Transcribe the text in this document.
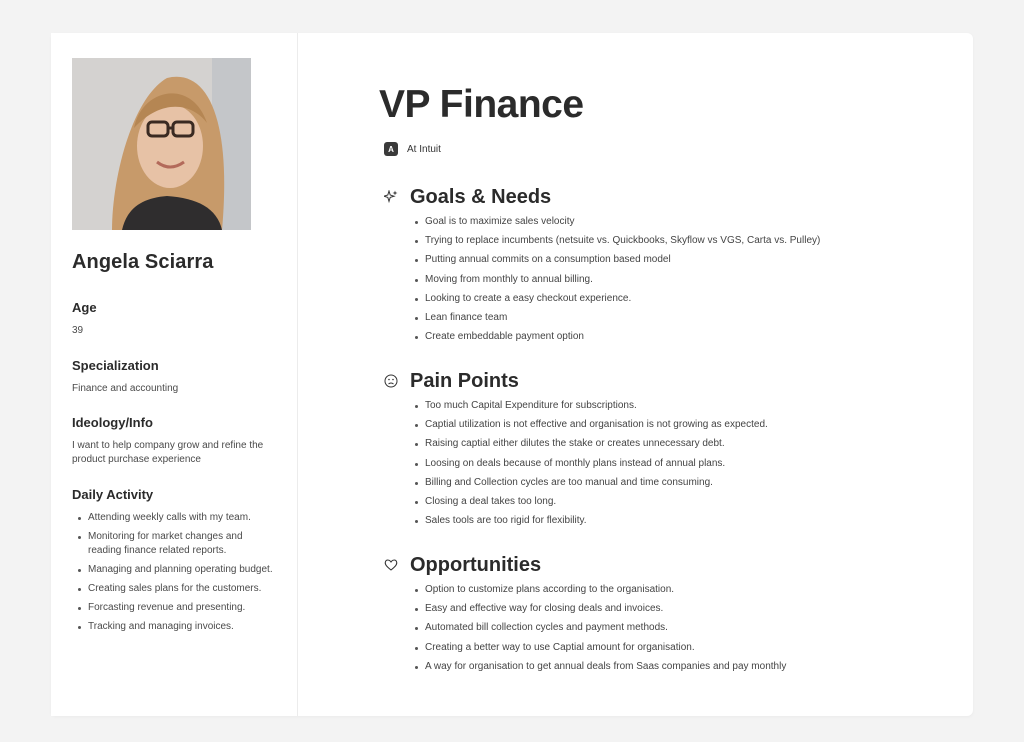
Angela Sciarra

Age

39

Specialization

Finance and accounting

Ideology/Info

I want to help company grow and refine the product purchase experience

Daily Activity

Attending weekly calls with my team.
Monitoring for market changes and reading finance related reports.
Managing and planning operating budget.
Creating sales plans for the customers.
Forcasting revenue and presenting.
Tracking and managing invoices.
VP Finance
A	At Intuit
Goals & Needs
Goal is to maximize sales velocity
Trying to replace incumbents (netsuite vs. Quickbooks, Skyflow vs VGS, Carta vs. Pulley)
Putting annual commits on a consumption based model
Moving from monthly to annual billing.
Looking to create a easy checkout experience.
Lean finance team
Create embeddable payment option
Pain Points
Too much Capital Expenditure for subscriptions.
Captial utilization is not effective and organisation is not growing as expected.
Raising captial either dilutes the stake or creates unnecessary debt.
Loosing on deals because of monthly plans instead of annual plans.
Billing and Collection cycles are too manual and time consuming.
Closing a deal takes too long.
Sales tools are too rigid for flexibility.
Opportunities
Option to customize plans according to the organisation.
Easy and effective way for closing deals and invoices.
Automated bill collection cycles and payment methods.
Creating a better way to use Captial amount for organisation.
A way for organisation to get annual deals from Saas companies and pay monthly
